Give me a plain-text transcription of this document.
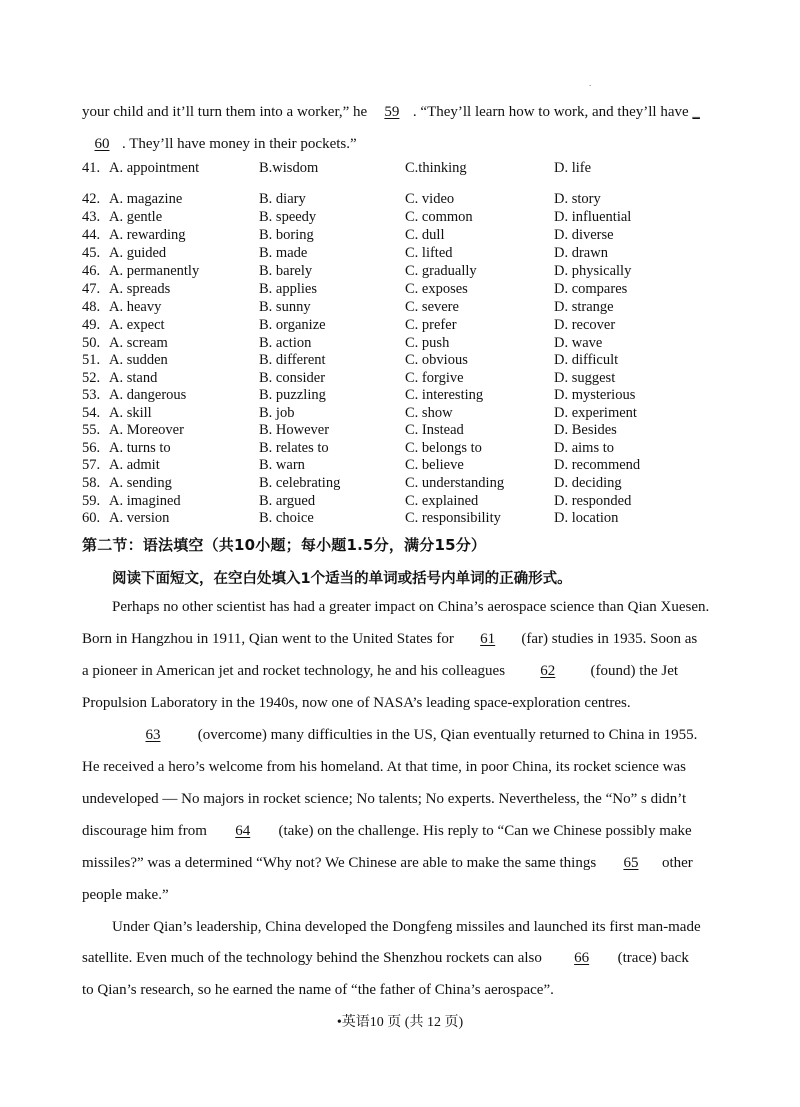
.
your child and it’ll turn them into a worker,” he 59 . “They’ll learn how to work, and they’ll have _
60 . They’ll have money in their pockets.”
41. A. appointment	B.wisdom	C.thinking	D. life
42. A. magazine	B. diary	C. video	D. story
43. A. gentle	B. speedy	C. common	D. influential
44. A. rewarding	B. boring	C. dull	D. diverse
45. A. guided	B. made	C. lifted	D. drawn
46. A. permanently	B. barely	C. gradually	D. physically
47. A. spreads	B. applies	C. exposes	D. compares
48. A. heavy	B. sunny	C. severe	D. strange
49. A. expect	B. organize	C. prefer	D. recover
50. A. scream	B. action	C. push	D. wave
51. A. sudden	B. different	C. obvious	D. difficult
52. A. stand	B. consider	C. forgive	D. suggest
53. A. dangerous	B. puzzling	C. interesting	D. mysterious
54. A. skill	B. job	C. show	D. experiment
55. A. Moreover	B. However	C. Instead	D. Besides
56. A. turns to	B. relates to	C. belongs to	D. aims to
57. A. admit	B. warn	C. believe	D. recommend
58. A. sending	B. celebrating	C. understanding	D. deciding
59. A. imagined	B. argued	C. explained	D. responded
60. A. version	B. choice	C. responsibility	D. location
第二节：语法填空（共10小题；每小题1.5分，满分15分）
阅读下面短文，在空白处填入1个适当的单词或括号内单词的正确形式。
Perhaps no other scientist has had a greater impact on China’s aerospace science than Qian Xuesen.
Born in Hangzhou in 1911, Qian went to the United States for 61 (far) studies in 1935. Soon as
a pioneer in American jet and rocket technology, he and his colleagues 62 (found) the Jet
Propulsion Laboratory in the 1940s, now one of NASA’s leading space-exploration centres.
63 (overcome) many difficulties in the US, Qian eventually returned to China in 1955.
He received a hero’s welcome from his homeland. At that time, in poor China, its rocket science was
undeveloped — No majors in rocket science; No talents; No experts. Nevertheless, the “No” s didn’t
discourage him from 64 (take) on the challenge. His reply to “Can we Chinese possibly make
missiles?” was a determined “Why not? We Chinese are able to make the same things 65 other
people make.”
Under Qian’s leadership, China developed the Dongfeng missiles and launched its first man-made
satellite. Even much of the technology behind the Shenzhou rockets can also 66 (trace) back
to Qian’s research, so he earned the name of “the father of China’s aerospace”.
•英语10 页 (共 12 页)
